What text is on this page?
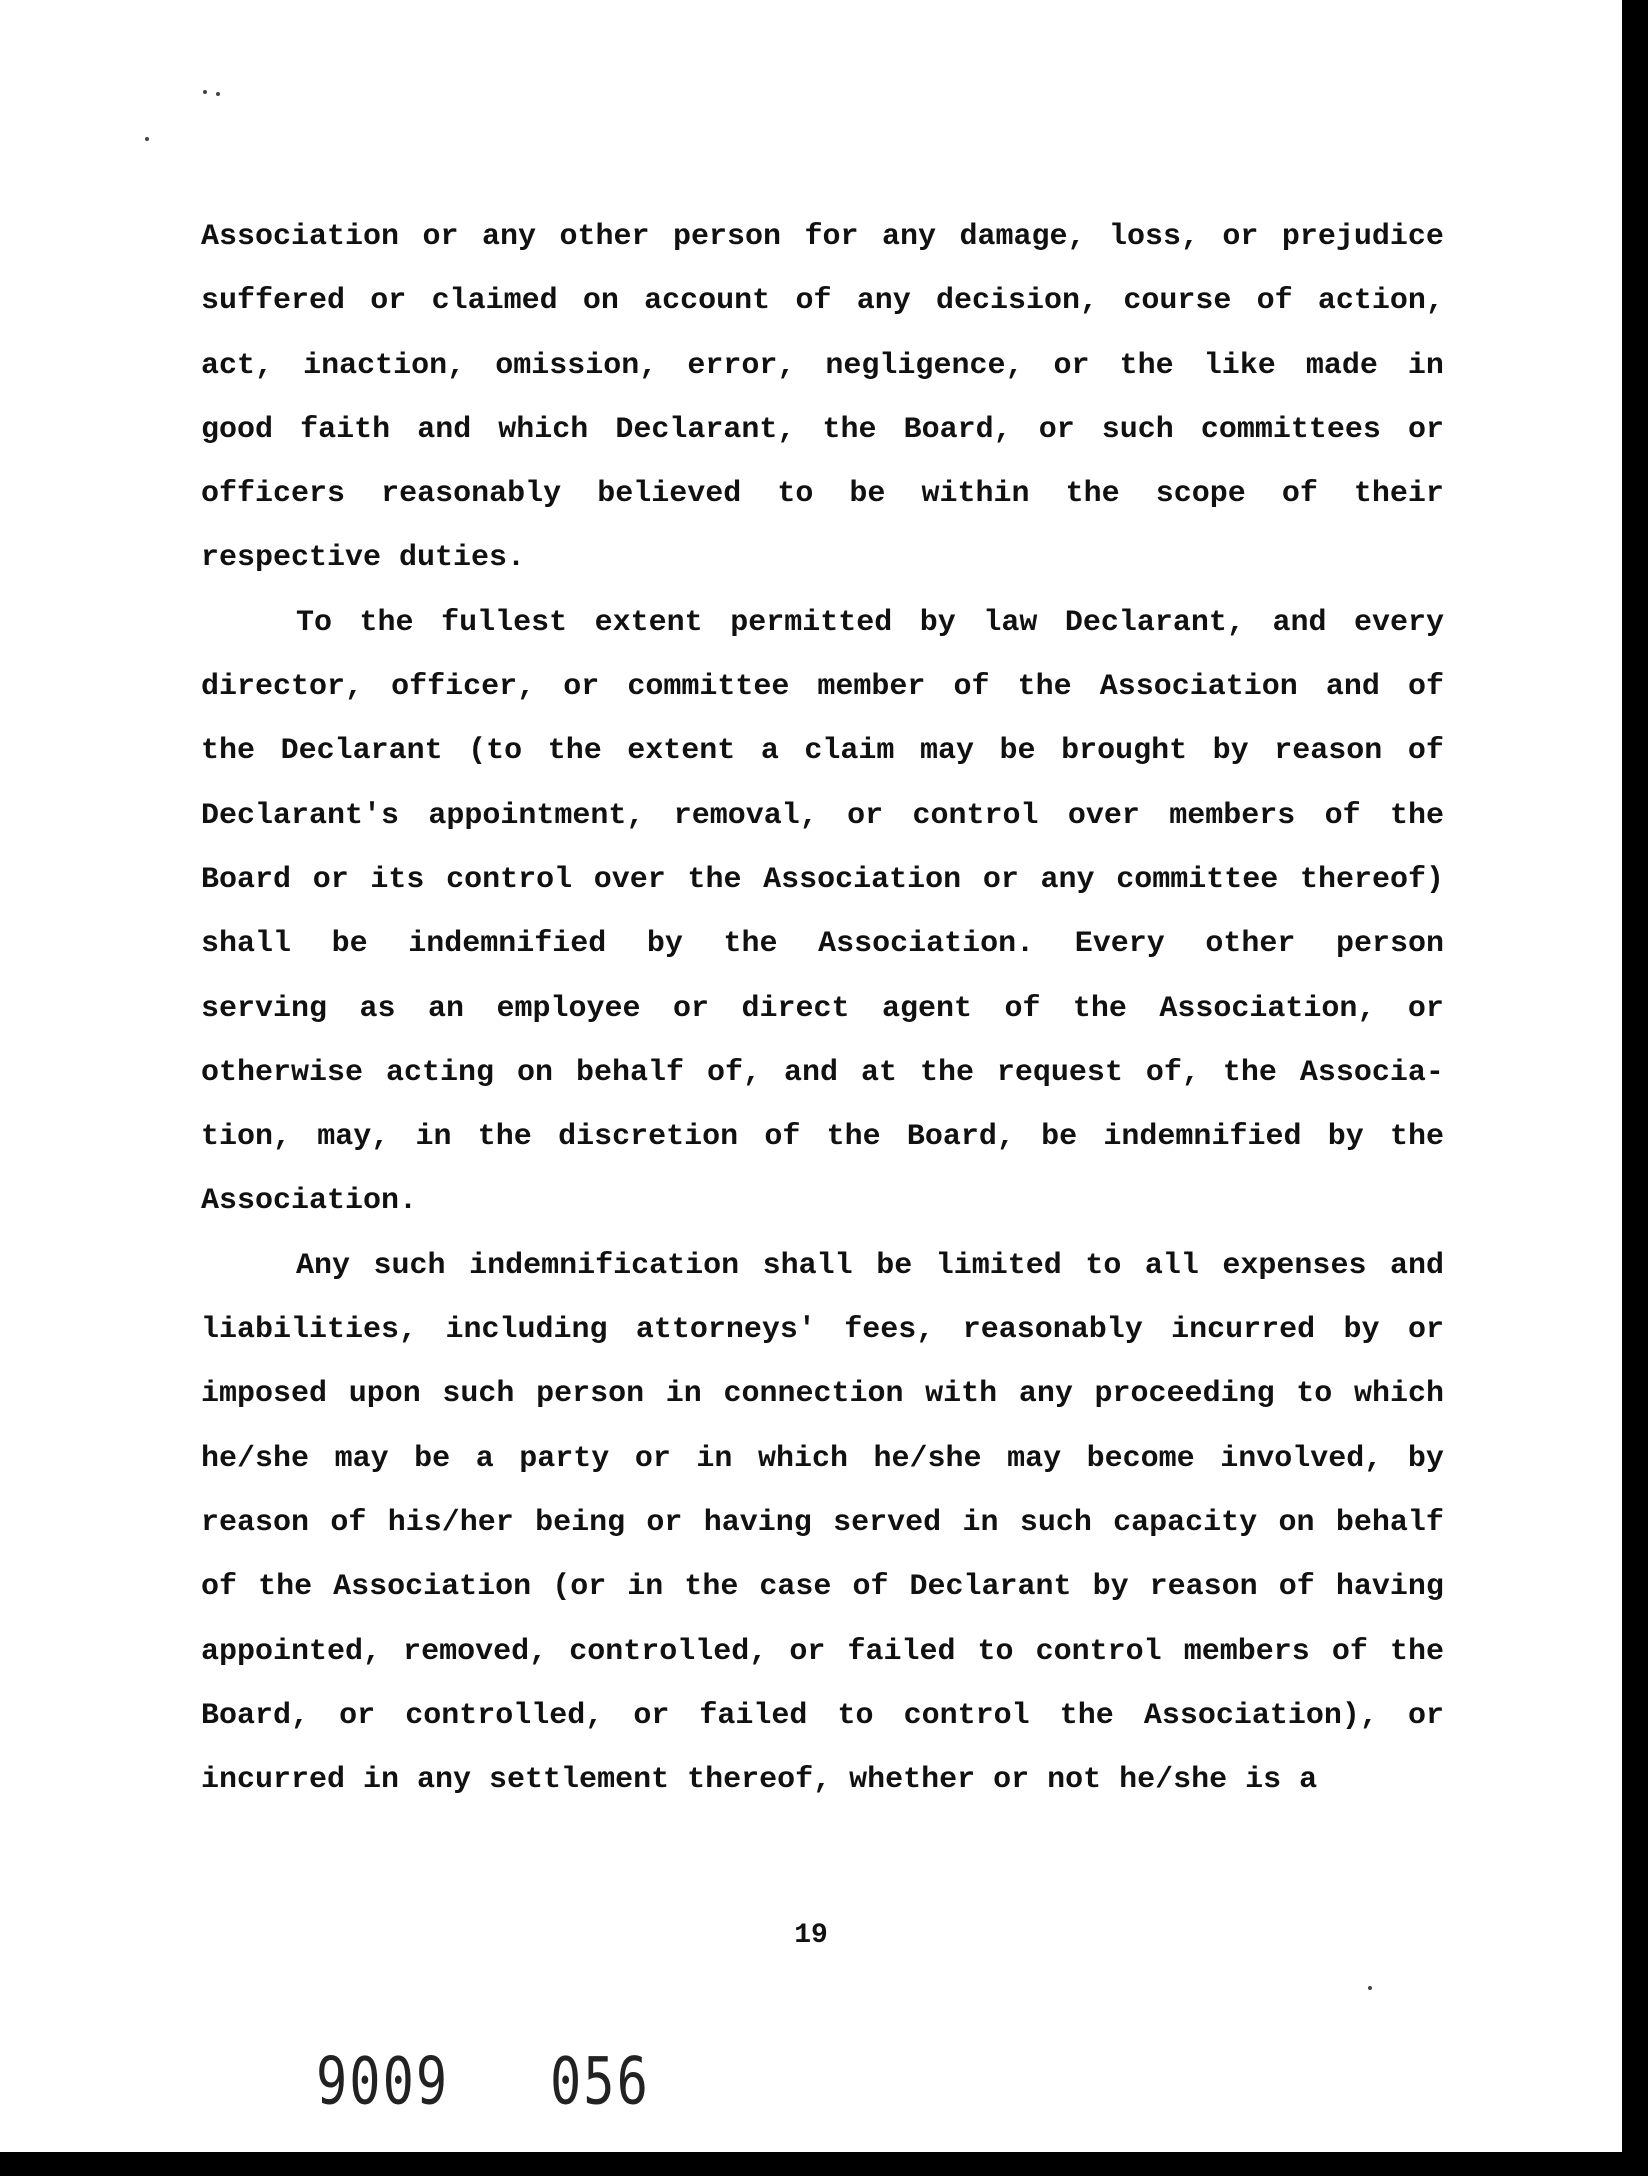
Association or any other person for any damage, loss, or prejudice
suffered or claimed on account of any decision, course of action,
act, inaction, omission, error, negligence, or the like made in
good faith and which Declarant, the Board, or such committees or
officers reasonably believed to be within the scope of their
respective duties.
To the fullest extent permitted by law Declarant, and every
director, officer, or committee member of the Association and of
the Declarant (to the extent a claim may be brought by reason of
Declarant's appointment, removal, or control over members of the
Board or its control over the Association or any committee thereof)
shall be indemnified by the Association. Every other person
serving as an employee or direct agent of the Association, or
otherwise acting on behalf of, and at the request of, the Associa-
tion, may, in the discretion of the Board, be indemnified by the
Association.
Any such indemnification shall be limited to all expenses and
liabilities, including attorneys' fees, reasonably incurred by or
imposed upon such person in connection with any proceeding to which
he/she may be a party or in which he/she may become involved, by
reason of his/her being or having served in such capacity on behalf
of the Association (or in the case of Declarant by reason of having
appointed, removed, controlled, or failed to control members of the
Board, or controlled, or failed to control the Association), or
incurred in any settlement thereof, whether or not he/she is a
19
9009 056
